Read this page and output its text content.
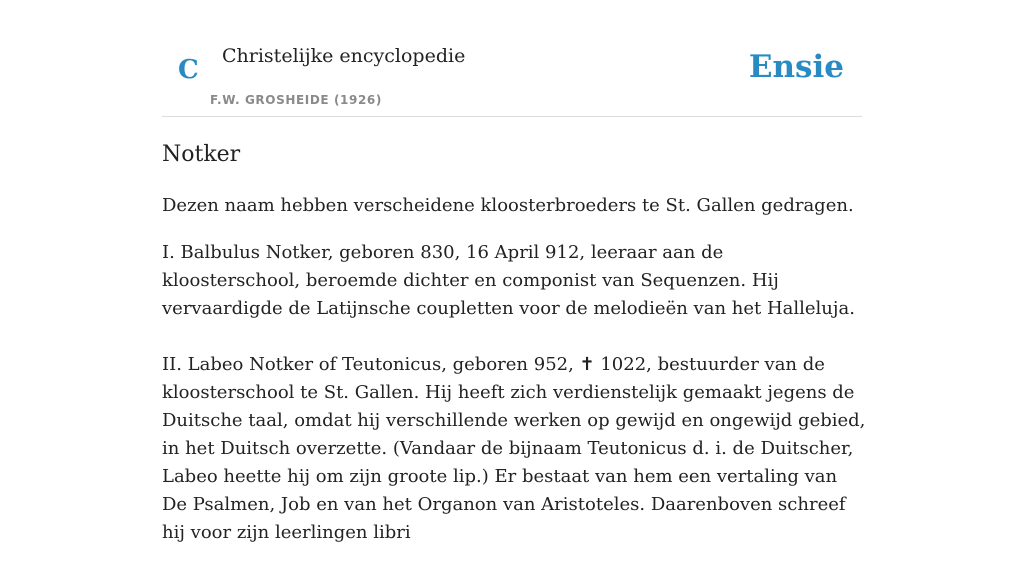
C Christelijke encyclopedie
F.W. GROSHEIDE (1926)
Ensie
Notker

Dezen naam hebben verscheidene kloosterbroeders te St. Gallen gedragen.

I. Balbulus Notker, geboren 830, 16 April 912, leeraar aan de kloosterschool, beroemde dichter en componist van Sequenzen. Hij vervaardigde de Latijnsche coupletten voor de melodieën van het Halleluja.

II. Labeo Notker of Teutonicus, geboren 952, ✝ 1022, bestuurder van de kloosterschool te St. Gallen. Hij heeft zich verdienstelijk gemaakt jegens de Duitsche taal, omdat hij verschillende werken op gewijd en ongewijd gebied, in het Duitsch overzette. (Vandaar de bijnaam Teutonicus d. i. de Duitscher, Labeo heette hij om zijn groote lip.) Er bestaat van hem een vertaling van De Psalmen, Job en van het Organon van Aristoteles. Daarenboven schreef hij voor zijn leerlingen libri
